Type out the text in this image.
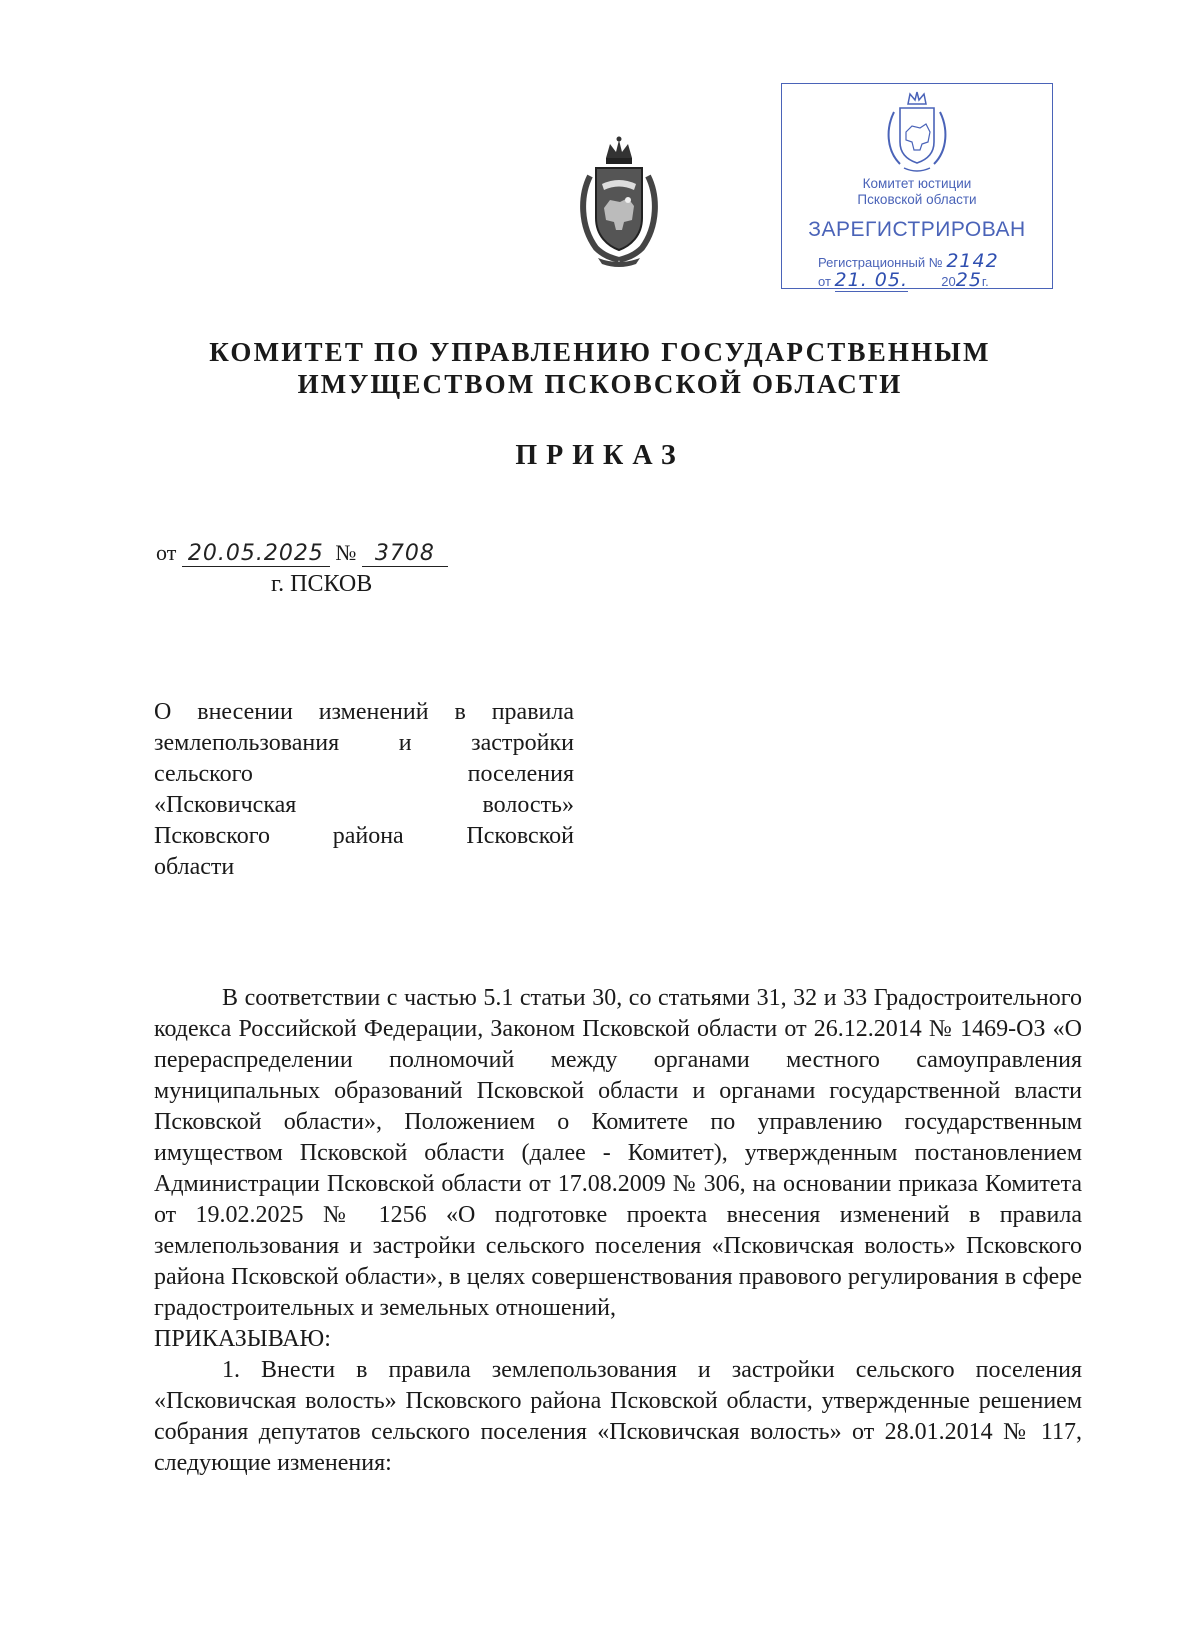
Комитет юстиции
Псковской области
ЗАРЕГИСТРИРОВАН
Регистрационный № 2142
от 21. 05.	2025г.
КОМИТЕТ ПО УПРАВЛЕНИЮ ГОСУДАРСТВЕННЫМ
ИМУЩЕСТВОМ ПСКОВСКОЙ ОБЛАСТИ
ПРИКАЗ
от 20.05.2025 № 3708
г. ПСКОВ
О внесении изменений в правила
землепользования и застройки
сельского поселения
«Псковичская волость»
Псковского района Псковской
области

В соответствии с частью 5.1 статьи 30, со статьями 31, 32 и 33 Градостроительного кодекса Российской Федерации, Законом Псковской области от 26.12.2014 № 1469-ОЗ «О перераспределении полномочий между органами местного самоуправления муниципальных образований Псковской области и органами государственной власти Псковской области», Положением о Комитете по управлению государственным имуществом Псковской области (далее - Комитет), утвержденным постановлением Администрации Псковской области от 17.08.2009 № 306, на основании приказа Комитета от 19.02.2025 № 1256 «О подготовке проекта внесения изменений в правила землепользования и застройки сельского поселения «Псковичская волость» Псковского района Псковской области», в целях совершенствования правового регулирования в сфере градостроительных и земельных отношений,

ПРИКАЗЫВАЮ:

1. Внести в правила землепользования и застройки сельского поселения «Псковичская волость» Псковского района Псковской области, утвержденные решением собрания депутатов сельского поселения «Псковичская волость» от 28.01.2014 № 117, следующие изменения:
